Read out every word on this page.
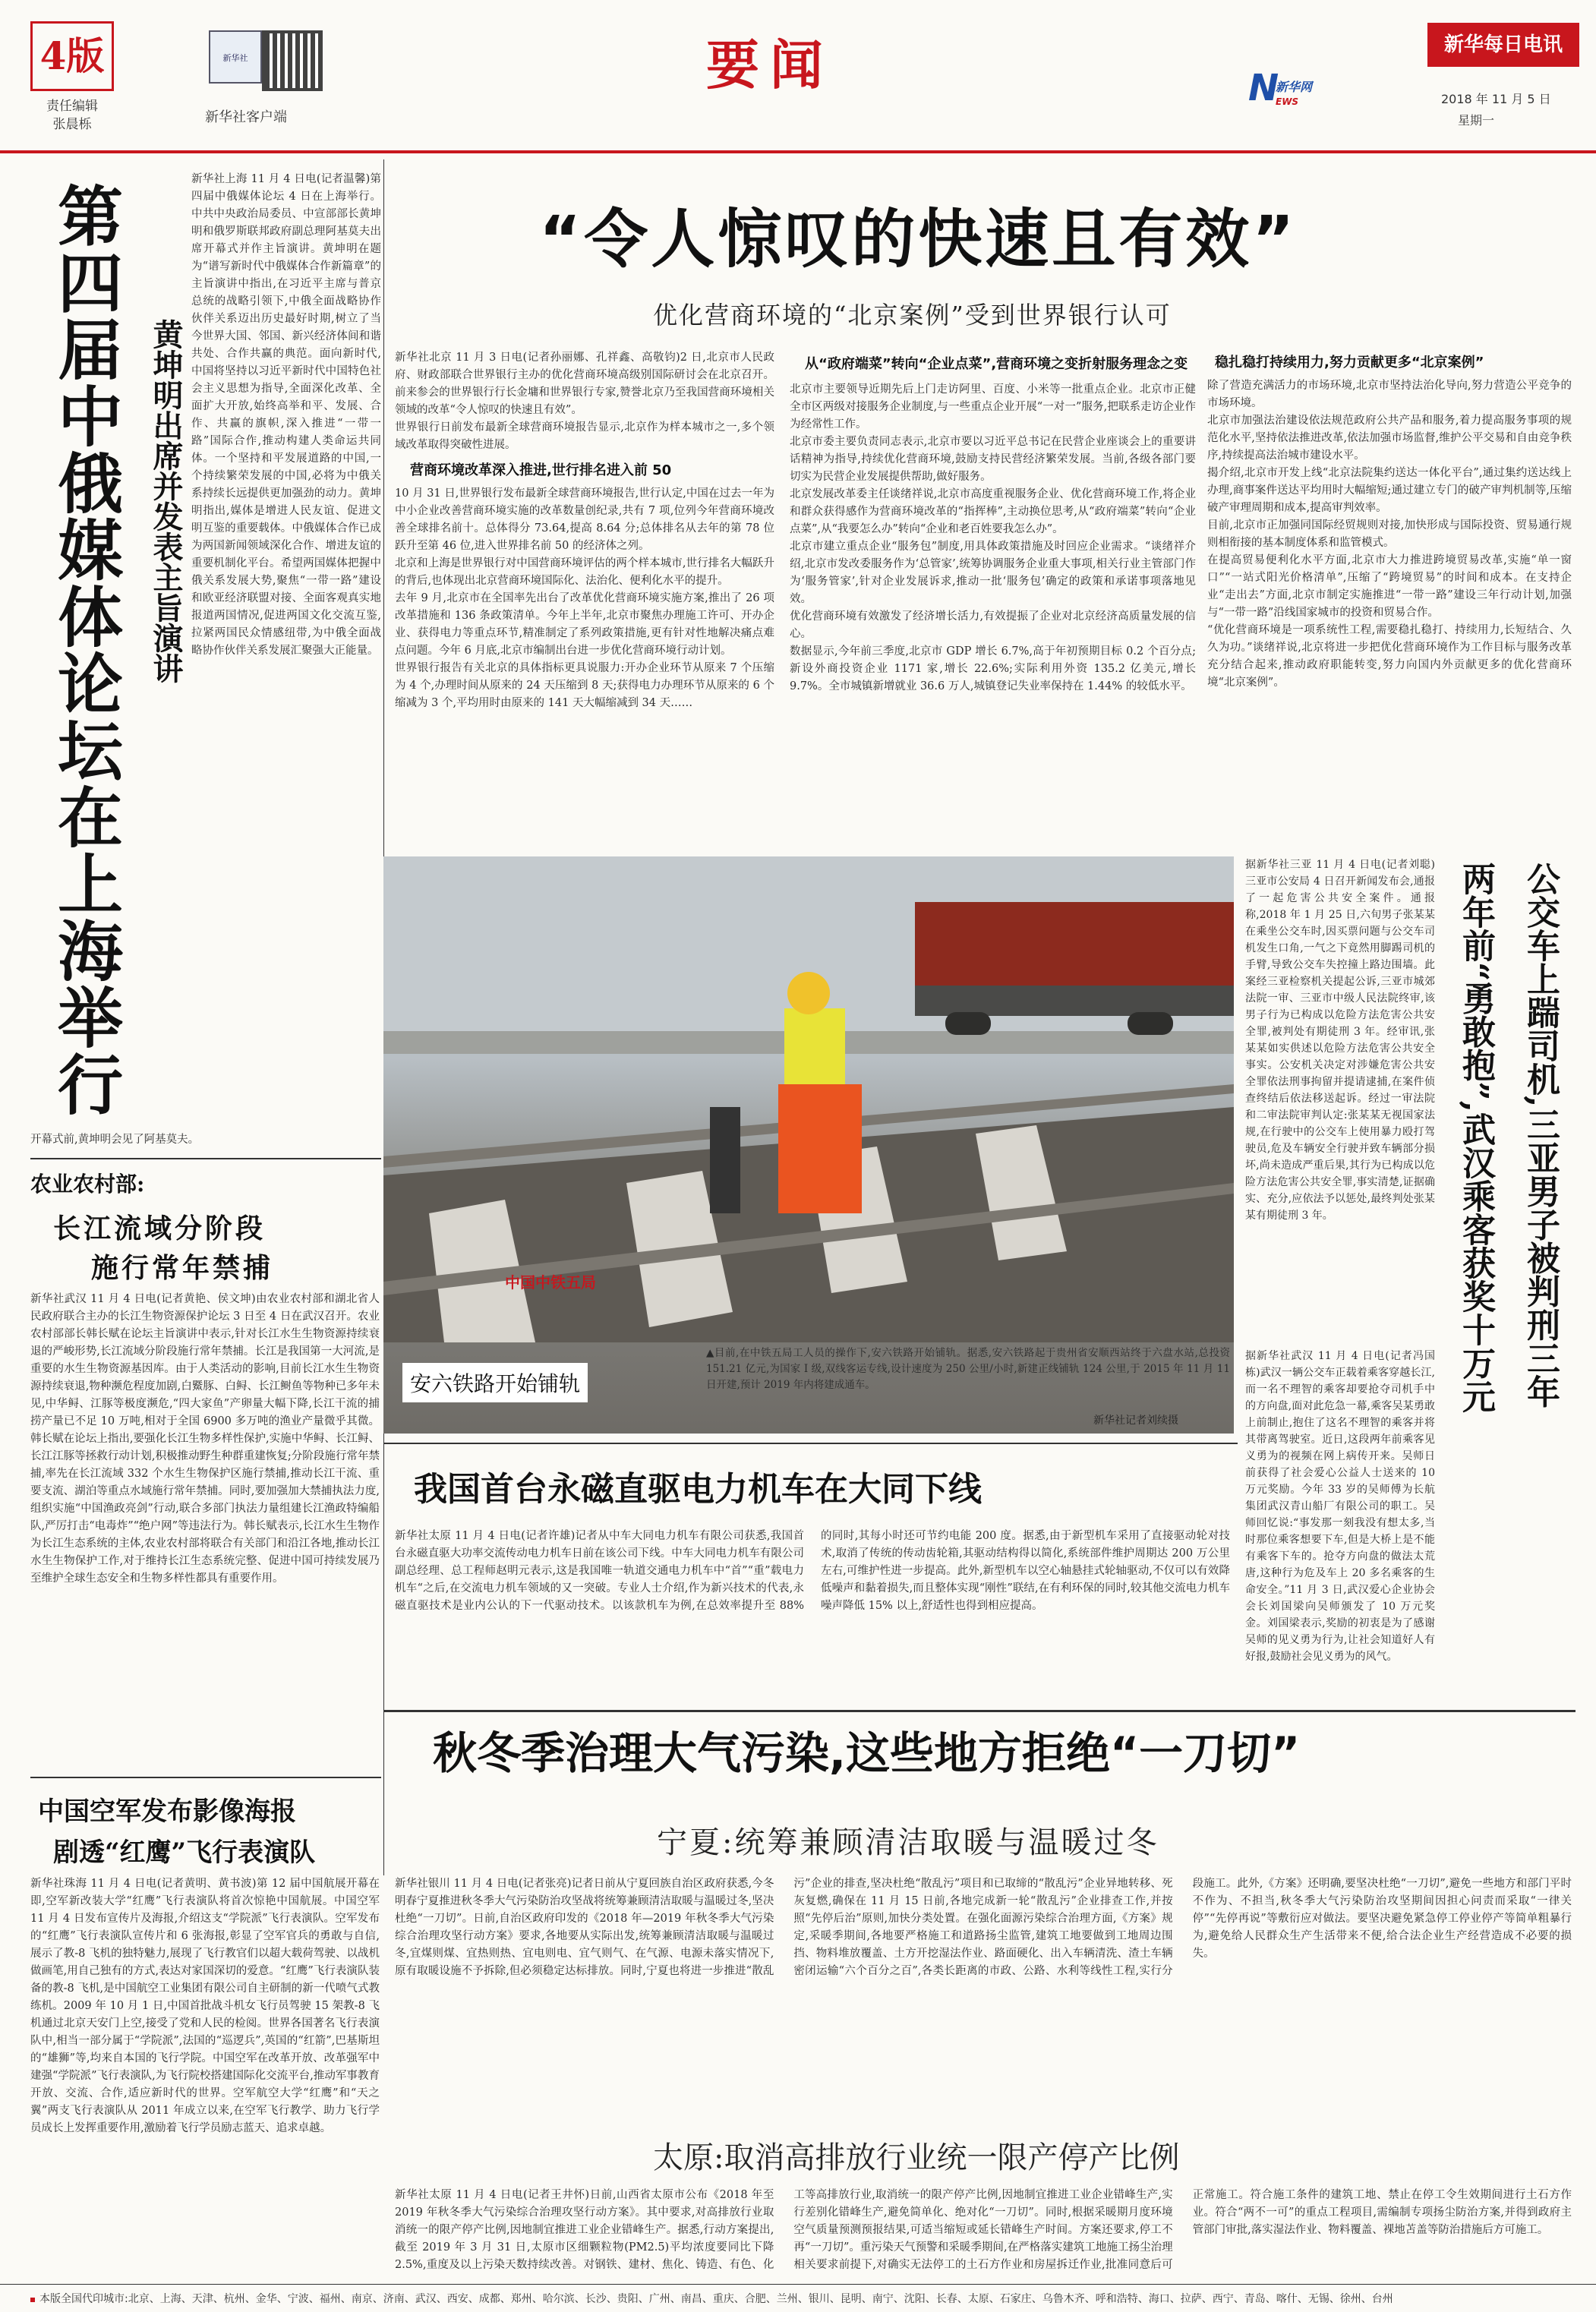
4版
责任编辑
张晨栎
新华社
新华社客户端
要闻	N
新华网
EWS
新华每日电讯
2018 年 11 月 5 日
星期一
第四届中俄媒体论坛在上海举行 黄坤明出席并发表主旨演讲
新华社上海 11 月 4 日电(记者温馨)第四届中俄媒体论坛 4 日在上海举行。中共中央政治局委员、中宣部部长黄坤明和俄罗斯联邦政府副总理阿基莫夫出席开幕式并作主旨演讲。黄坤明在题为“谱写新时代中俄媒体合作新篇章”的主旨演讲中指出,在习近平主席与普京总统的战略引领下,中俄全面战略协作伙伴关系迈出历史最好时期,树立了当今世界大国、邻国、新兴经济体间和谐共处、合作共赢的典范。面向新时代,中国将坚持以习近平新时代中国特色社会主义思想为指导,全面深化改革、全面扩大开放,始终高举和平、发展、合作、共赢的旗帜,深入推进“一带一路”国际合作,推动构建人类命运共同体。一个坚持和平发展道路的中国,一个持续繁荣发展的中国,必将为中俄关系持续长远提供更加强劲的动力。黄坤明指出,媒体是增进人民友谊、促进文明互鉴的重要载体。中俄媒体合作已成为两国新闻领域深化合作、增进友谊的重要机制化平台。希望两国媒体把握中俄关系发展大势,聚焦“一带一路”建设和欧亚经济联盟对接、全面客观真实地报道两国情况,促进两国文化交流互鉴,拉紧两国民众情感纽带,为中俄全面战略协作伙伴关系发展汇聚强大正能量。
开幕式前,黄坤明会见了阿基莫夫。
农业农村部:
长江流域分阶段
施行常年禁捕
新华社武汉 11 月 4 日电(记者黄艳、侯文坤)由农业农村部和湖北省人民政府联合主办的长江生物资源保护论坛 3 日至 4 日在武汉召开。农业农村部部长韩长赋在论坛主旨演讲中表示,针对长江水生生物资源持续衰退的严峻形势,长江流域分阶段施行常年禁捕。长江是我国第一大河流,是重要的水生生物资源基因库。由于人类活动的影响,目前长江水生生物资源持续衰退,物种濒危程度加剧,白鱀豚、白鲟、长江鲥鱼等物种已多年未见,中华鲟、江豚等极度濒危,“四大家鱼”产卵量大幅下降,长江干流的捕捞产量已不足 10 万吨,相对于全国 6900 多万吨的渔业产量微乎其微。韩长赋在论坛上指出,要强化长江生物多样性保护,实施中华鲟、长江鲟、长江江豚等拯救行动计划,积极推动野生种群重建恢复;分阶段施行常年禁捕,率先在长江流域 332 个水生生物保护区施行禁捕,推动长江干流、重要支流、湖泊等重点水域施行常年禁捕。同时,要加强加大禁捕执法力度,组织实施“中国渔政亮剑”行动,联合多部门执法力量组建长江渔政特编船队,严厉打击“电毒炸”“绝户网”等违法行为。韩长赋表示,长江水生生物作为长江生态系统的主体,农业农村部将联合有关部门和沿江各地,推动长江水生生物保护工作,对于维持长江生态系统完整、促进中国可持续发展乃至维护全球生态安全和生物多样性都具有重要作用。
中国空军发布影像海报
剧透“红鹰”飞行表演队
新华社珠海 11 月 4 日电(记者黄明、黄书波)第 12 届中国航展开幕在即,空军新改装大学“红鹰”飞行表演队将首次惊艳中国航展。中国空军 11 月 4 日发布宣传片及海报,介绍这支“学院派”飞行表演队。空军发布的“红鹰”飞行表演队宣传片和 6 张海报,彰显了空军官兵的勇敢与自信,展示了教-8 飞机的独特魅力,展现了飞行教官们以超大载荷驾驶、以战机做画笔,用自己独有的方式,表达对家国深切的爱意。“红鹰”飞行表演队装备的教-8 飞机,是中国航空工业集团有限公司自主研制的新一代喷气式教练机。2009 年 10 月 1 日,中国首批战斗机女飞行员驾驶 15 架教-8 飞机通过北京天安门上空,接受了党和人民的检阅。世界各国著名飞行表演队中,相当一部分属于“学院派”,法国的“巡逻兵”,英国的“红箭”,巴基斯坦的“雄狮”等,均来自本国的飞行学院。中国空军在改革开放、改革强军中建强“学院派”飞行表演队,为飞行院校搭建国际化交流平台,推动军事教育开放、交流、合作,适应新时代的世界。空军航空大学“红鹰”和“天之翼”两支飞行表演队从 2011 年成立以来,在空军飞行教学、助力飞行学员成长上发挥重要作用,激励着飞行学员励志蓝天、追求卓越。
“令人惊叹的快速且有效”
优化营商环境的“北京案例”受到世界银行认可

新华社北京 11 月 3 日电(记者孙丽娜、孔祥鑫、高敬钧)2 日,北京市人民政府、财政部联合世界银行主办的优化营商环境高级别国际研讨会在北京召开。前来参会的世界银行行长金墉和世界银行专家,赞誉北京乃至我国营商环境相关领域的改革“令人惊叹的快速且有效”。

世界银行日前发布最新全球营商环境报告显示,北京作为样本城市之一,多个领域改革取得突破性进展。

营商环境改革深入推进,世行排名进入前 50

10 月 31 日,世界银行发布最新全球营商环境报告,世行认定,中国在过去一年为中小企业改善营商环境实施的改革数量创纪录,共有 7 项,位列今年营商环境改善全球排名前十。总体得分 73.64,提高 8.64 分;总体排名从去年的第 78 位跃升至第 46 位,进入世界排名前 50 的经济体之列。

北京和上海是世界银行对中国营商环境评估的两个样本城市,世行排名大幅跃升的背后,也体现出北京营商环境国际化、法治化、便利化水平的提升。

去年 9 月,北京市在全国率先出台了改革优化营商环境实施方案,推出了 26 项改革措施和 136 条政策清单。今年上半年,北京市聚焦办理施工许可、开办企业、获得电力等重点环节,精准制定了系列政策措施,更有针对性地解决痛点难点问题。今年 6 月底,北京市编制出台进一步优化营商环境行动计划。

世界银行报告有关北京的具体指标更具说服力:开办企业环节从原来 7 个压缩为 4 个,办理时间从原来的 24 天压缩到 8 天;获得电力办理环节从原来的 6 个缩减为 3 个,平均用时由原来的 141 天大幅缩减到 34 天……

从“政府端菜”转向“企业点菜”,营商环境之变折射服务理念之变

北京市主要领导近期先后上门走访阿里、百度、小米等一批重点企业。北京市正健全市区两级对接服务企业制度,与一些重点企业开展“一对一”服务,把联系走访企业作为经常性工作。

北京市委主要负责同志表示,北京市要以习近平总书记在民营企业座谈会上的重要讲话精神为指导,持续优化营商环境,鼓励支持民营经济繁荣发展。当前,各级各部门要切实为民营企业发展提供帮助,做好服务。

北京发展改革委主任谈绪祥说,北京市高度重视服务企业、优化营商环境工作,将企业和群众获得感作为营商环境改革的“指挥棒”,主动换位思考,从“政府端菜”转向“企业点菜”,从“我要怎么办”转向“企业和老百姓要我怎么办”。

北京市建立重点企业“服务包”制度,用具体政策措施及时回应企业需求。“谈绪祥介绍,北京市发改委服务作为‘总管家’,统筹协调服务企业重大事项,相关行业主管部门作为‘服务管家’,针对企业发展诉求,推动一批‘服务包’确定的政策和承诺事项落地见效。

优化营商环境有效激发了经济增长活力,有效提振了企业对北京经济高质量发展的信心。

数据显示,今年前三季度,北京市 GDP 增长 6.7%,高于年初预期目标 0.2 个百分点;新设外商投资企业 1171 家,增长 22.6%;实际利用外资 135.2 亿美元,增长 9.7%。全市城镇新增就业 36.6 万人,城镇登记失业率保持在 1.44% 的较低水平。

稳扎稳打持续用力,努力贡献更多“北京案例”

除了营造充满活力的市场环境,北京市坚持法治化导向,努力营造公平竞争的市场环境。

北京市加强法治建设依法规范政府公共产品和服务,着力提高服务事项的规范化水平,坚持依法推进改革,依法加强市场监督,维护公平交易和自由竞争秩序,持续提高法治城市建设水平。

揭介绍,北京市开发上线“北京法院集约送达一体化平台”,通过集约送达线上办理,商事案件送达平均用时大幅缩短;通过建立专门的破产审判机制等,压缩破产审理周期和成本,提高审判效率。

目前,北京市正加强同国际经贸规则对接,加快形成与国际投资、贸易通行规则相衔接的基本制度体系和监管模式。

在提高贸易便利化水平方面,北京市大力推进跨境贸易改革,实施“单一窗口”“一站式阳光价格清单”,压缩了“跨境贸易”的时间和成本。在支持企业“走出去”方面,北京市制定实施推进“一带一路”建设三年行动计划,加强与“一带一路”沿线国家城市的投资和贸易合作。

“优化营商环境是一项系统性工程,需要稳扎稳打、持续用力,长短结合、久久为功。”谈绪祥说,北京将进一步把优化营商环境作为工作目标与服务改革充分结合起来,推动政府职能转变,努力向国内外贡献更多的优化营商环境“北京案例”。

中国中铁五局
安六铁路开始铺轨
▲目前,在中铁五局工人员的操作下,安六铁路开始铺轨。据悉,安六铁路起于贵州省安顺西站终于六盘水站,总投资 151.21 亿元,为国家 I 级,双线客运专线,设计速度为 250 公里/小时,新建正线铺轨 124 公里,于 2015 年 11 月 11 日开建,预计 2019 年内将建成通车。
新华社记者刘续摄
我国首台永磁直驱电力机车在大同下线
新华社太原 11 月 4 日电(记者许雄)记者从中车大同电力机车有限公司获悉,我国首台永磁直驱大功率交流传动电力机车日前在该公司下线。中车大同电力机车有限公司副总经理、总工程师赵明元表示,这是我国唯一轨道交通电力机车中“首”“重”载电力机车“之后,在交流电力机车领域的又一突破。专业人士介绍,作为新兴技术的代表,永磁直驱技术是业内公认的下一代驱动技术。以该款机车为例,在总效率提升至 88% 的同时,其每小时还可节约电能 200 度。据悉,由于新型机车采用了直接驱动轮对技术,取消了传统的传动齿轮箱,其驱动结构得以简化,系统部件维护周期达 200 万公里左右,可维护性进一步提高。此外,新型机车以空心轴悬挂式轮轴驱动,不仅可以有效降低噪声和黏着损失,而且整体实现“刚性”联结,在有利环保的同时,较其他交流电力机车噪声降低 15% 以上,舒适性也得到相应提高。
公交车上踹司机,三亚男子被判刑三年
两年前“勇敢抱”,武汉乘客获奖十万元
据新华社三亚 11 月 4 日电(记者刘聪)三亚市公安局 4 日召开新闻发布会,通报了一起危害公共安全案件。通报称,2018 年 1 月 25 日,六旬男子张某某在乘坐公交车时,因买票问题与公交车司机发生口角,一气之下竟然用脚踢司机的手臂,导致公交车失控撞上路边围墙。此案经三亚检察机关提起公诉,三亚市城郊法院一审、三亚市中级人民法院终审,该男子行为已构成以危险方法危害公共安全罪,被判处有期徒刑 3 年。经审讯,张某某如实供述以危险方法危害公共安全事实。公安机关决定对涉嫌危害公共安全罪依法刑事拘留并提请逮捕,在案件侦查终结后依法移送起诉。经过一审法院和二审法院审判认定:张某某无视国家法规,在行驶中的公交车上使用暴力殴打驾驶员,危及车辆安全行驶并致车辆部分损坏,尚未造成严重后果,其行为已构成以危险方法危害公共安全罪,事实清楚,证据确实、充分,应依法予以惩处,最终判处张某某有期徒刑 3 年。
据新华社武汉 11 月 4 日电(记者冯国栋)武汉一辆公交车正载着乘客穿越长江,而一名不理智的乘客却要抢夺司机手中的方向盘,面对此危急一幕,乘客吴某勇敢上前制止,抱住了这名不理智的乘客并将其带离驾驶室。近日,这段两年前乘客见义勇为的视频在网上病传开来。吴师日前获得了社会爱心公益人士送来的 10 万元奖励。今年 33 岁的吴师傅为长航集团武汉青山船厂有限公司的职工。吴师回忆说:“事发那一刻我没有想太多,当时那位乘客想要下车,但是大桥上是不能有乘客下车的。抢夺方向盘的做法太荒唐,这种行为危及车上 20 多名乘客的生命安全。”11 月 3 日,武汉爱心企业协会会长刘国梁向吴师颁发了 10 万元奖金。刘国梁表示,奖励的初衷是为了感谢吴师的见义勇为行为,让社会知道好人有好报,鼓励社会见义勇为的风气。
秋冬季治理大气污染,这些地方拒绝“一刀切”
宁夏:统筹兼顾清洁取暖与温暖过冬
新华社银川 11 月 4 日电(记者张亮)记者日前从宁夏回族自治区政府获悉,今冬明春宁夏推进秋冬季大气污染防治攻坚战将统筹兼顾清洁取暖与温暖过冬,坚决杜绝“一刀切”。日前,自治区政府印发的《2018 年—2019 年秋冬季大气污染综合治理攻坚行动方案》要求,各地要从实际出发,统筹兼顾清洁取暖与温暖过冬,宜煤则煤、宜热则热、宜电则电、宜气则气、在气源、电源未落实情况下,原有取暖设施不予拆除,但必须稳定达标排放。同时,宁夏也将进一步推进“散乱污”企业的排查,坚决杜绝“散乱污”项目和已取缔的“散乱污”企业异地转移、死灰复燃,确保在 11 月 15 日前,各地完成新一轮“散乱污”企业排查工作,并按照“先停后治”原则,加快分类处置。在强化面源污染综合治理方面,《方案》规定,采暖季期间,各地要严格施工和道路扬尘监管,建筑工地要做到工地周边围挡、物料堆放覆盖、土方开挖湿法作业、路面硬化、出入车辆清洗、渣土车辆密闭运输“六个百分之百”,各类长距离的市政、公路、水利等线性工程,实行分段施工。此外,《方案》还明确,要坚决杜绝“一刀切”,避免一些地方和部门平时不作为、不担当,秋冬季大气污染防治攻坚期间因担心问责而采取“一律关停”“先停再说”等敷衍应对做法。要坚决避免紧急停工停业停产等简单粗暴行为,避免给人民群众生产生活带来不便,给合法企业生产经营造成不必要的损失。
太原:取消高排放行业统一限产停产比例
新华社太原 11 月 4 日电(记者王井怀)日前,山西省太原市公布《2018 年至 2019 年秋冬季大气污染综合治理攻坚行动方案》。其中要求,对高排放行业取消统一的限产停产比例,因地制宜推进工业企业错峰生产。据悉,行动方案提出,截至 2019 年 3 月 31 日,太原市区细颗粒物(PM2.5)平均浓度要同比下降 2.5%,重度及以上污染天数持续改善。对钢铁、建材、焦化、铸造、有色、化工等高排放行业,取消统一的限产停产比例,因地制宜推进工业企业错峰生产,实行差别化错峰生产,避免简单化、绝对化“一刀切”。同时,根据采暖期月度环境空气质量预测预报结果,可适当缩短或延长错峰生产时间。方案还要求,停工不再“一刀切”。重污染天气预警和采暖季期间,在严格落实建筑工地施工扬尘治理相关要求前提下,对确实无法停工的土石方作业和房屋拆迁作业,批准同意后可正常施工。符合施工条件的建筑工地、禁止在停工令生效期间进行土石方作业。符合“两不一可”的重点工程项目,需编制专项扬尘防治方案,并得到政府主管部门审批,落实湿法作业、物料覆盖、裸地苫盖等防治措施后方可施工。
本版全国代印城市:北京、上海、天津、杭州、金华、宁波、福州、南京、济南、武汉、西安、成都、郑州、哈尔滨、长沙、贵阳、广州、南昌、重庆、合肥、兰州、银川、昆明、南宁、沈阳、长春、太原、石家庄、乌鲁木齐、呼和浩特、海口、拉萨、西宁、青岛、喀什、无锡、徐州、台州
